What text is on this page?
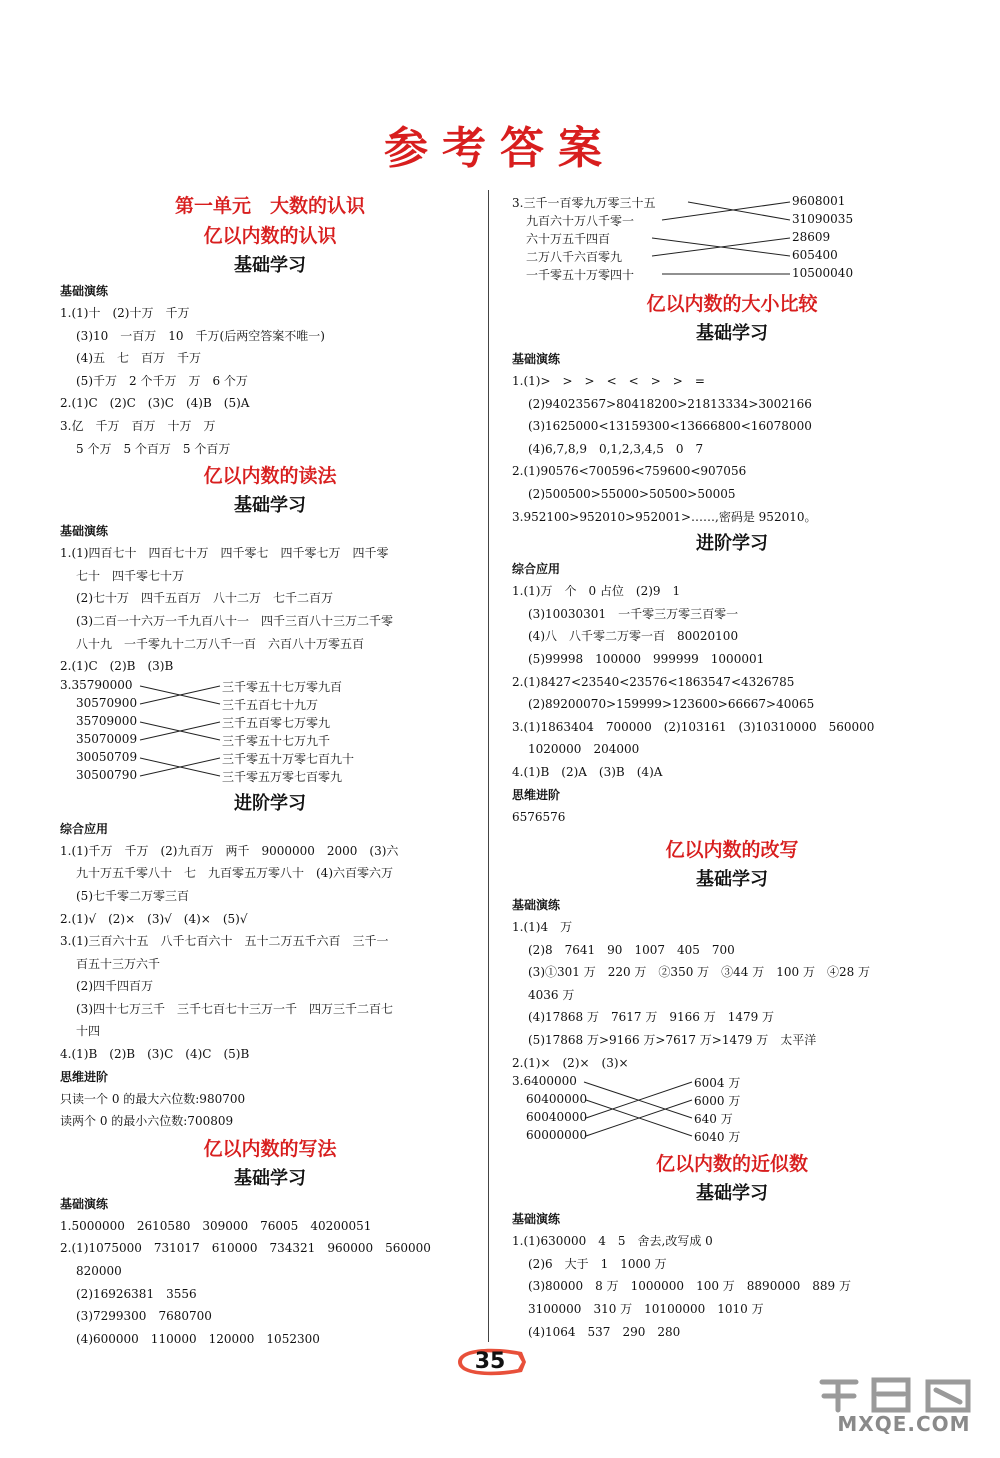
参考答案
第一单元　大数的认识
亿以内数的认识
基础学习
基础演练
1.(1)十　(2)十万　千万
(3)10　一百万　10　千万(后两空答案不唯一)
(4)五　七　百万　千万
(5)千万　2 个千万　万　6 个万
2.(1)C　(2)C　(3)C　(4)B　(5)A
3.亿　千万　百万　十万　万
5 个万　5 个百万　5 个百万
亿以内数的读法
基础学习
基础演练
1.(1)四百七十　四百七十万　四千零七　四千零七万　四千零
七十　四千零七十万
(2)七十万　四千五百万　八十二万　七千二百万
(3)二百一十六万一千九百八十一　四千三百八十三万二千零
八十九　一千零九十二万八千一百　六百八十万零五百
2.(1)C　(2)B　(3)B
3.35790000
30570900
35709000
35070009
30050709
30500790
三千零五十七万零九百
三千五百七十九万
三千五百零七万零九
三千零五十七万九千
三千零五十万零七百九十
三千零五万零七百零九
进阶学习
综合应用
1.(1)千万　千万　(2)九百万　两千　9000000　2000　(3)六
九十万五千零八十　七　九百零五万零八十　(4)六百零六万
(5)七千零二万零三百
2.(1)√　(2)×　(3)√　(4)×　(5)√
3.(1)三百六十五　八千七百六十　五十二万五千六百　三千一
百五十三万六千
(2)四千四百万
(3)四十七万三千　三千七百七十三万一千　四万三千二百七
十四
4.(1)B　(2)B　(3)C　(4)C　(5)B
思维进阶
只读一个 0 的最大六位数:980700
读两个 0 的最小六位数:700809
亿以内数的写法
基础学习
基础演练
1.5000000　2610580　309000　76005　40200051
2.(1)1075000　731017　610000　734321　960000　560000
820000
(2)16926381　3556
(3)7299300　7680700
(4)600000　110000　120000　1052300
3.三千一百零九万零三十五
九百六十万八千零一
六十万五千四百
二万八千六百零九
一千零五十万零四十
9608001
31090035
28609
605400
10500040
亿以内数的大小比较
基础学习
基础演练
1.(1)>　>　>　<　<　>　>　=
(2)94023567>80418200>21813334>3002166
(3)1625000<13159300<13666800<16078000
(4)6,7,8,9　0,1,2,3,4,5　0　7
2.(1)90576<700596<759600<907056
(2)500500>55000>50500>50005
3.952100>952010>952001>……,密码是 952010。
进阶学习
综合应用
1.(1)万　个　0 占位　(2)9　1
(3)10030301　一千零三万零三百零一
(4)八　八千零二万零一百　80020100
(5)99998　100000　999999　1000001
2.(1)8427<23540<23576<1863547<4326785
(2)89200070>159999>123600>66667>40065
3.(1)1863404　700000　(2)103161　(3)10310000　560000
1020000　204000
4.(1)B　(2)A　(3)B　(4)A
思维进阶
6576576
亿以内数的改写
基础学习
基础演练
1.(1)4　万
(2)8　7641　90　1007　405　700
(3)①301 万　220 万　②350 万　③44 万　100 万　④28 万
4036 万
(4)17868 万　7617 万　9166 万　1479 万
(5)17868 万>9166 万>7617 万>1479 万　太平洋
2.(1)×　(2)×　(3)×
3.6400000
60400000
60040000
60000000
6004 万
6000 万
640 万
6040 万
亿以内数的近似数
基础学习
基础演练
1.(1)630000　4　5　舍去,改写成 0
(2)6　大于　1　1000 万
(3)80000　8 万　1000000　100 万　8890000　889 万
3100000　310 万　10100000　1010 万
(4)1064　537　290　280
35
MXQE.COM
